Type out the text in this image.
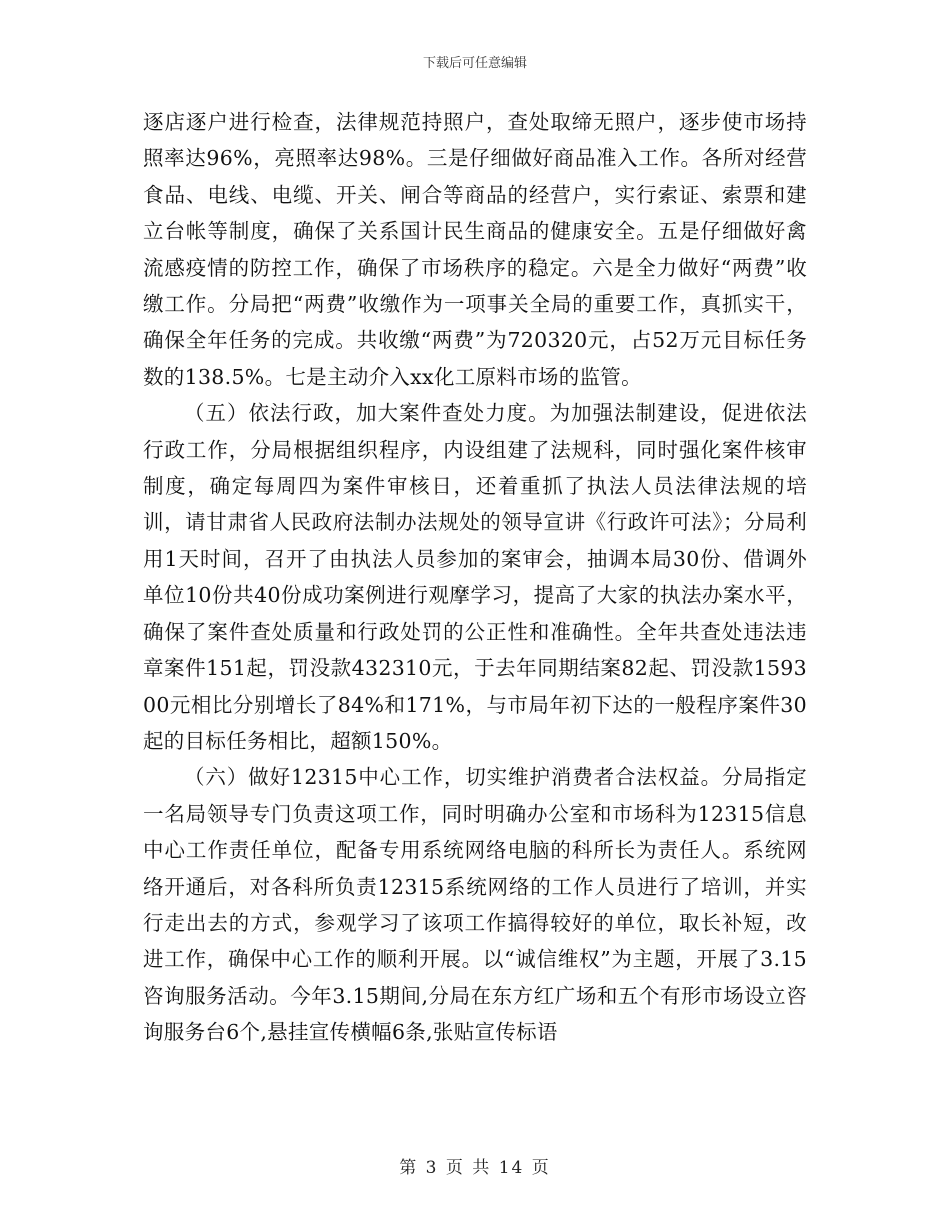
下载后可任意编辑

逐店逐户进行检查，法律规范持照户，查处取缔无照户，逐步使市场持照率达96%，亮照率达98%。三是仔细做好商品准入工作。各所对经营食品、电线、电缆、开关、闸合等商品的经营户，实行索证、索票和建立台帐等制度，确保了关系国计民生商品的健康安全。五是仔细做好禽流感疫情的防控工作，确保了市场秩序的稳定。六是全力做好“两费”收缴工作。分局把“两费”收缴作为一项事关全局的重要工作，真抓实干，确保全年任务的完成。共收缴“两费”为720320元，占52万元目标任务数的138.5%。七是主动介入xx化工原料市场的监管。

（五）依法行政，加大案件查处力度。为加强法制建设，促进依法行政工作，分局根据组织程序，内设组建了法规科，同时强化案件核审制度，确定每周四为案件审核日，还着重抓了执法人员法律法规的培训，请甘肃省人民政府法制办法规处的领导宣讲《行政许可法》；分局利用1天时间，召开了由执法人员参加的案审会，抽调本局30份、借调外单位10份共40份成功案例进行观摩学习，提高了大家的执法办案水平，确保了案件查处质量和行政处罚的公正性和准确性。全年共查处违法违章案件151起，罚没款432310元，于去年同期结案82起、罚没款159300元相比分别增长了84%和171%，与市局年初下达的一般程序案件30起的目标任务相比，超额150%。

（六）做好12315中心工作，切实维护消费者合法权益。分局指定一名局领导专门负责这项工作，同时明确办公室和市场科为12315信息中心工作责任单位，配备专用系统网络电脑的科所长为责任人。系统网络开通后，对各科所负责12315系统网络的工作人员进行了培训，并实行走出去的方式，参观学习了该项工作搞得较好的单位，取长补短，改进工作，确保中心工作的顺利开展。以“诚信维权”为主题，开展了3.15咨询服务活动。今年3.15期间,分局在东方红广场和五个有形市场设立咨询服务台6个,悬挂宣传横幅6条,张贴宣传标语

第 3 页 共 14 页
